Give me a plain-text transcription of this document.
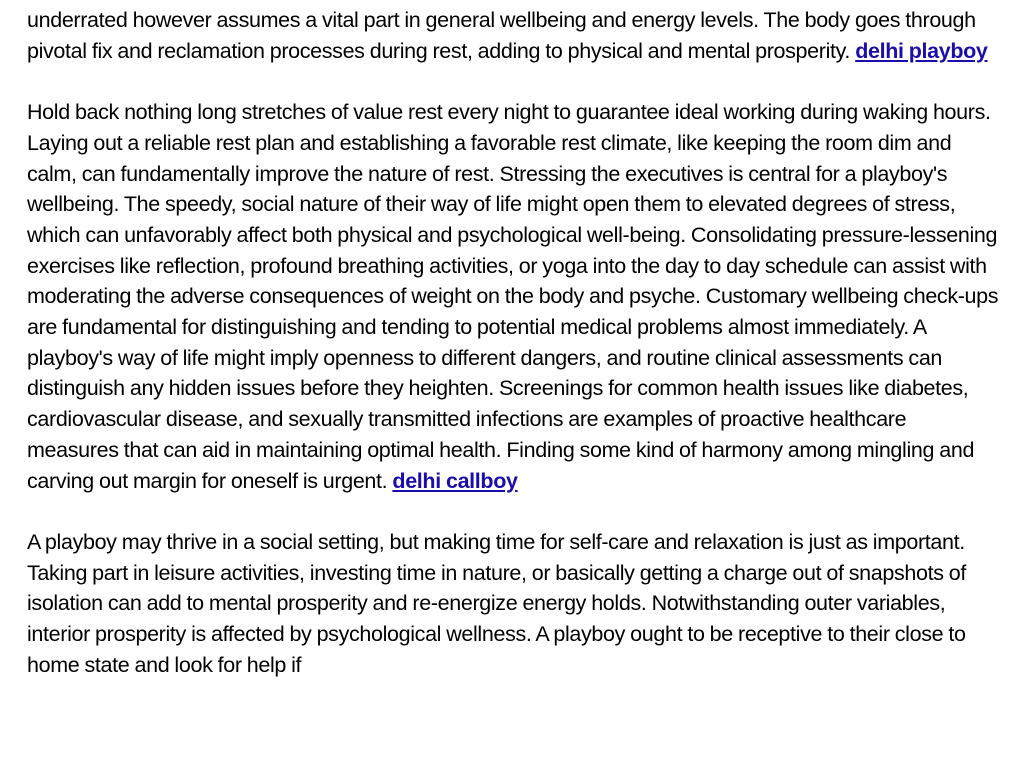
underrated however assumes a vital part in general wellbeing and energy levels. The body goes through pivotal fix and reclamation processes during rest, adding to physical and mental prosperity. delhi playboy

Hold back nothing long stretches of value rest every night to guarantee ideal working during waking hours. Laying out a reliable rest plan and establishing a favorable rest climate, like keeping the room dim and calm, can fundamentally improve the nature of rest. Stressing the executives is central for a playboy's wellbeing. The speedy, social nature of their way of life might open them to elevated degrees of stress, which can unfavorably affect both physical and psychological well-being. Consolidating pressure-lessening exercises like reflection, profound breathing activities, or yoga into the day to day schedule can assist with moderating the adverse consequences of weight on the body and psyche. Customary wellbeing check-ups are fundamental for distinguishing and tending to potential medical problems almost immediately. A playboy's way of life might imply openness to different dangers, and routine clinical assessments can distinguish any hidden issues before they heighten. Screenings for common health issues like diabetes, cardiovascular disease, and sexually transmitted infections are examples of proactive healthcare measures that can aid in maintaining optimal health. Finding some kind of harmony among mingling and carving out margin for oneself is urgent. delhi callboy

A playboy may thrive in a social setting, but making time for self-care and relaxation is just as important. Taking part in leisure activities, investing time in nature, or basically getting a charge out of snapshots of isolation can add to mental prosperity and re-energize energy holds. Notwithstanding outer variables, interior prosperity is affected by psychological wellness. A playboy ought to be receptive to their close to home state and look for help if
